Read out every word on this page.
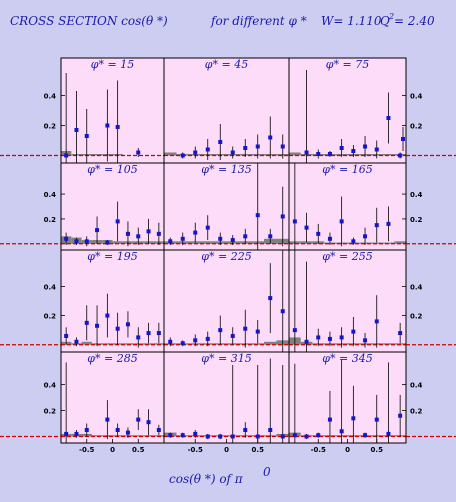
CROSS SECTION cos(θ *)	for different φ * W= 1.110
Q 2 = 2.40
0.4
0.2
φ* = 15	φ* = 45
0.4
0.2
φ* = 75
0.4
0.2
φ* = 105	φ* = 135
0.4
0.2
φ* = 165
0.4
0.2
φ* = 195	φ* = 225
0.4
0.2
φ* = 255
0.4
0.2
-0.5 0 0.5
φ* = 285
-0.5	0	0.5
φ* = 315
0.4
0.2
-0.5	0	0.5
φ* = 345
cos(θ *) of π 0
